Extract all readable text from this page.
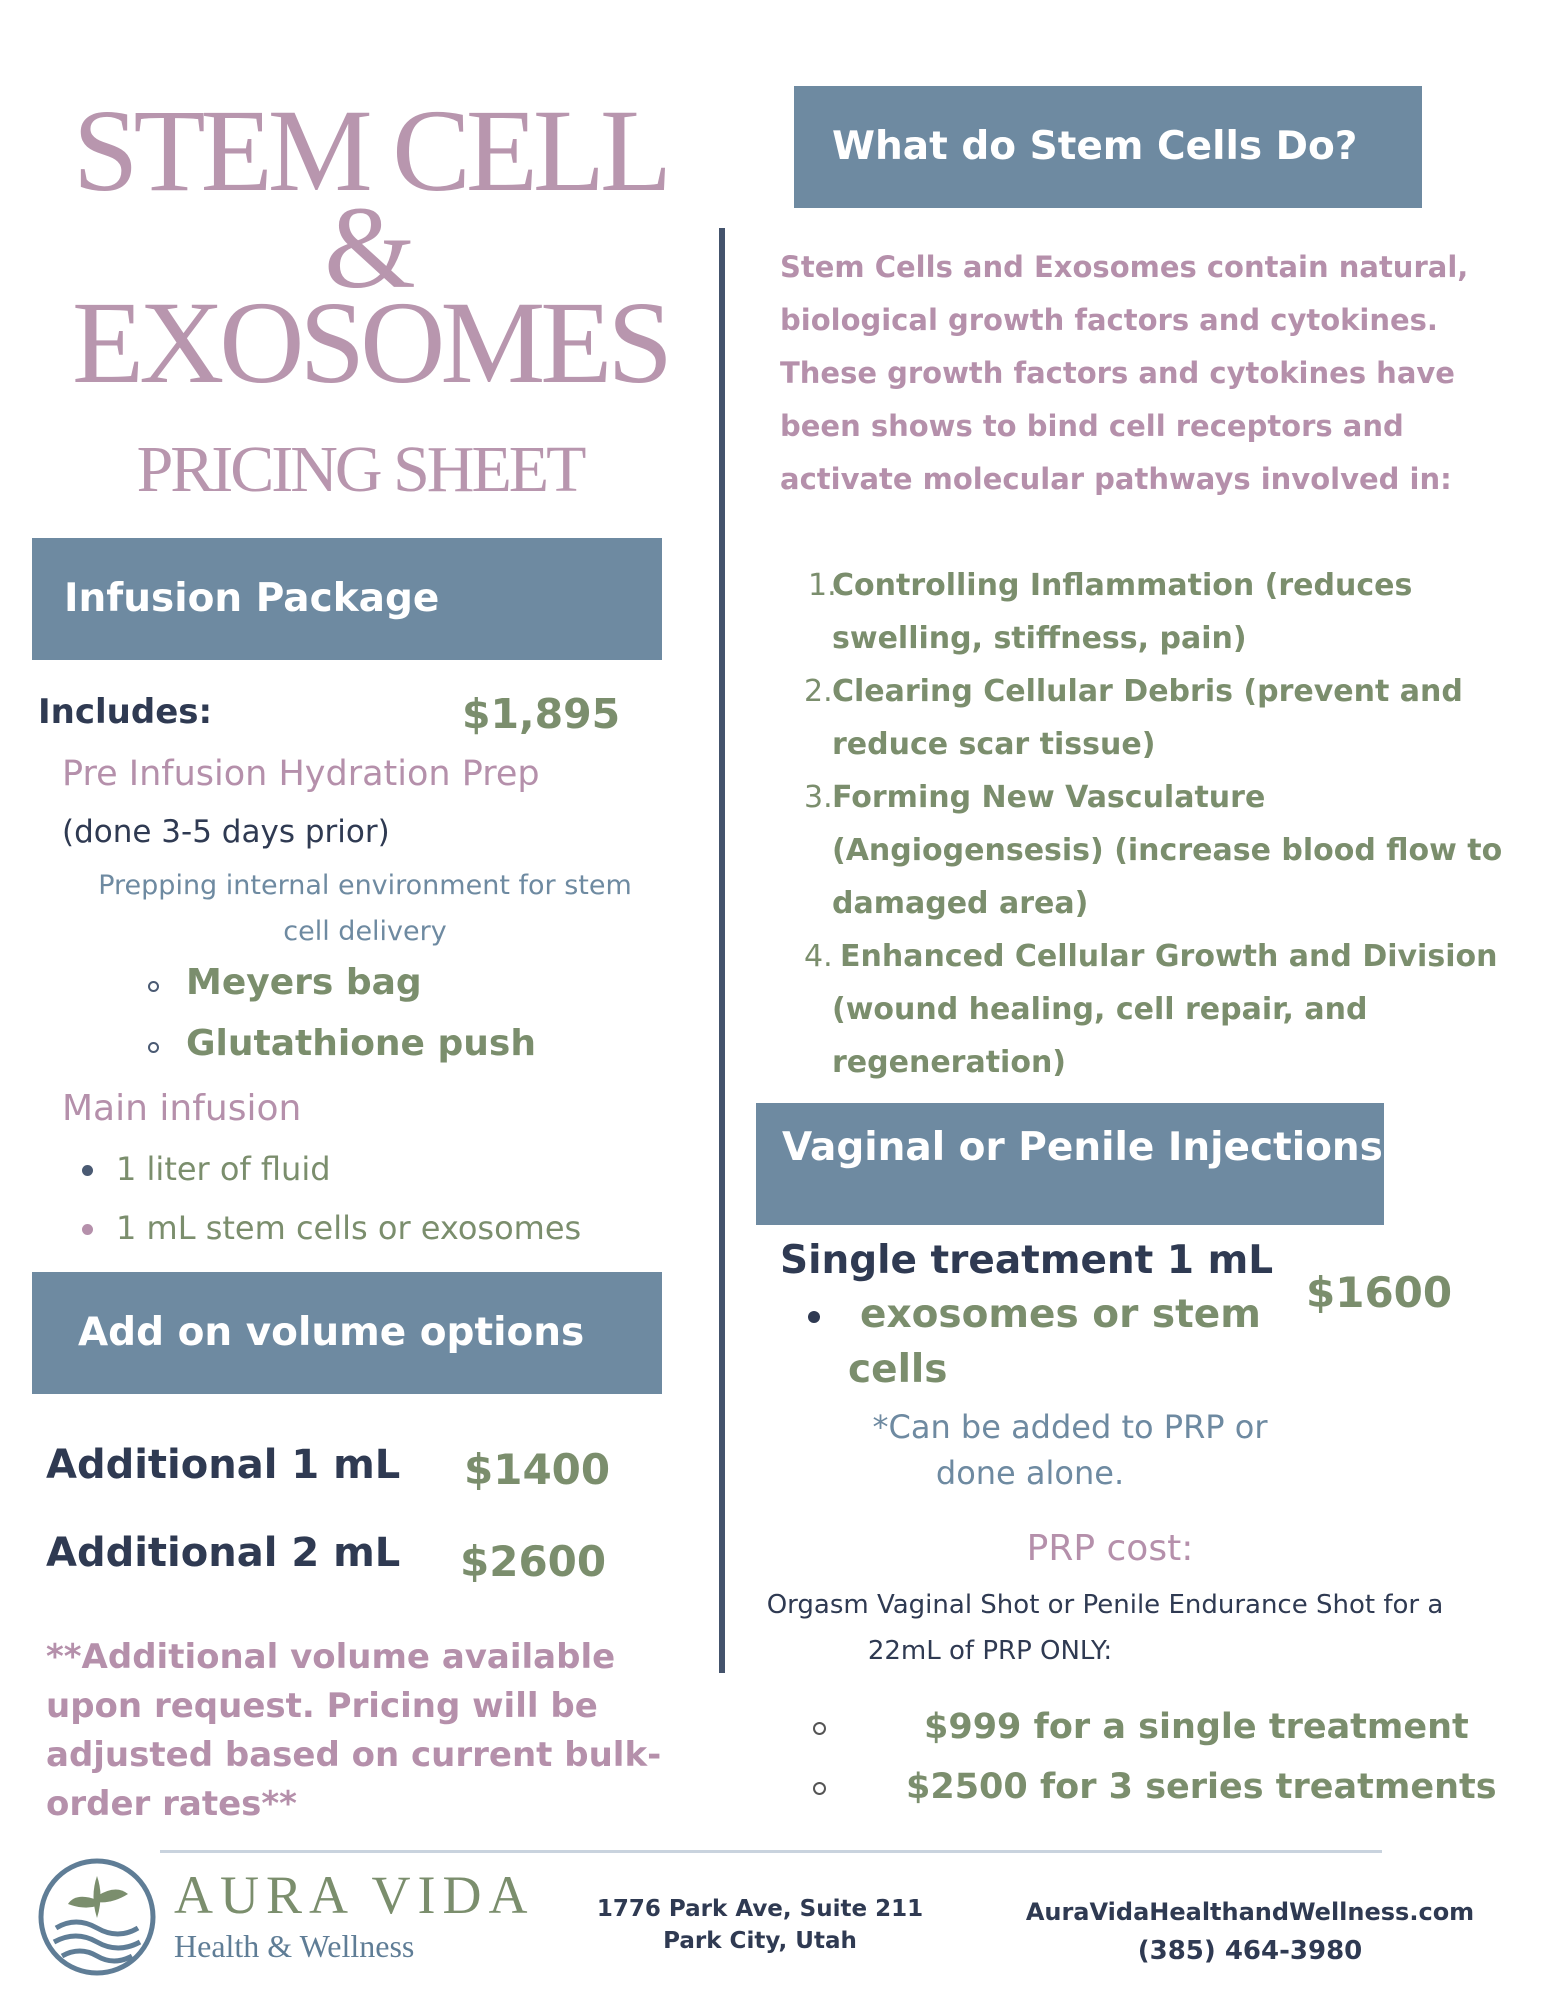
STEM CELL
&
EXOSOMES
PRICING SHEET
Infusion Package
Includes:	$1,895
Pre Infusion Hydration Prep
(done 3-5 days prior)
Prepping internal environment for stem
cell delivery
Meyers bag
Glutathione push
Main infusion
1 liter of fluid
1 mL stem cells or exosomes
Add on volume options
Additional 1 mL $1400
Additional 2 mL $2600
**Additional volume available
upon request. Pricing will be
adjusted based on current bulk-
order rates**
What do Stem Cells Do?
Stem Cells and Exosomes contain natural,
biological growth factors and cytokines.
These growth factors and cytokines have
been shows to bind cell receptors and
activate molecular pathways involved in:
1.
Controlling Inflammation (reduces
swelling, stiffness, pain)
2. Clearing Cellular Debris (prevent and
reduce scar tissue)
3. Forming New Vasculature
(Angiogensesis) (increase blood flow to
damaged area)
4. Enhanced Cellular Growth and Division
(wound healing, cell repair, and
regeneration)
Vaginal or Penile Injections
Single treatment 1 mL
$1600
exosomes or stem
cells
*Can be added to PRP or
done alone.
PRP cost:
Orgasm Vaginal Shot or Penile Endurance Shot for a
22mL of PRP ONLY:
$999 for a single treatment
$2500 for 3 series treatments
AURA VIDA
Health & Wellness
1776 Park Ave, Suite 211
Park City, Utah
AuraVidaHealthandWellness.com
(385) 464-3980
